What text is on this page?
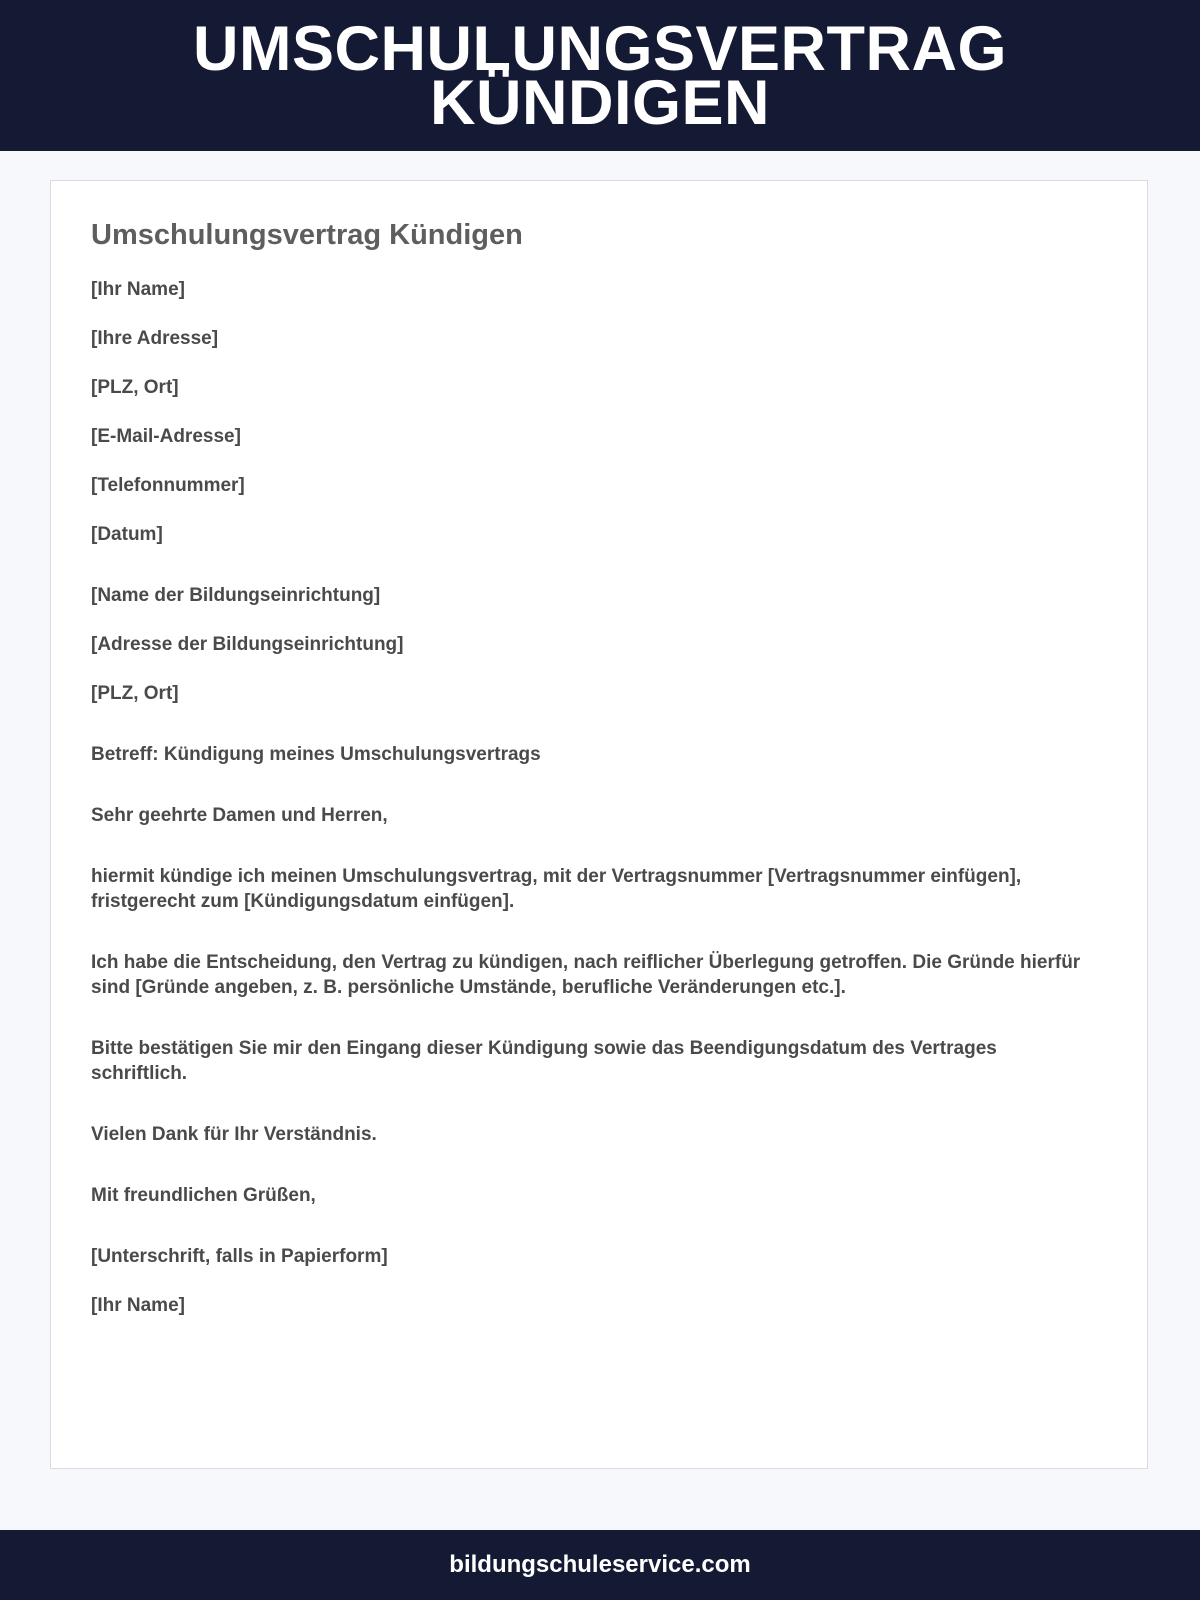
UMSCHULUNGSVERTRAG KÜNDIGEN
Umschulungsvertrag Kündigen

[Ihr Name]

[Ihre Adresse]

[PLZ, Ort]

[E-Mail-Adresse]

[Telefonnummer]

[Datum]

[Name der Bildungseinrichtung]

[Adresse der Bildungseinrichtung]

[PLZ, Ort]

Betreff: Kündigung meines Umschulungsvertrags

Sehr geehrte Damen und Herren,

hiermit kündige ich meinen Umschulungsvertrag, mit der Vertragsnummer [Vertragsnummer einfügen], fristgerecht zum [Kündigungsdatum einfügen].

Ich habe die Entscheidung, den Vertrag zu kündigen, nach reiflicher Überlegung getroffen. Die Gründe hierfür sind [Gründe angeben, z. B. persönliche Umstände, berufliche Veränderungen etc.].

Bitte bestätigen Sie mir den Eingang dieser Kündigung sowie das Beendigungsdatum des Vertrages schriftlich.

Vielen Dank für Ihr Verständnis.

Mit freundlichen Grüßen,

[Unterschrift, falls in Papierform]

[Ihr Name]

bildungschuleservice.com
